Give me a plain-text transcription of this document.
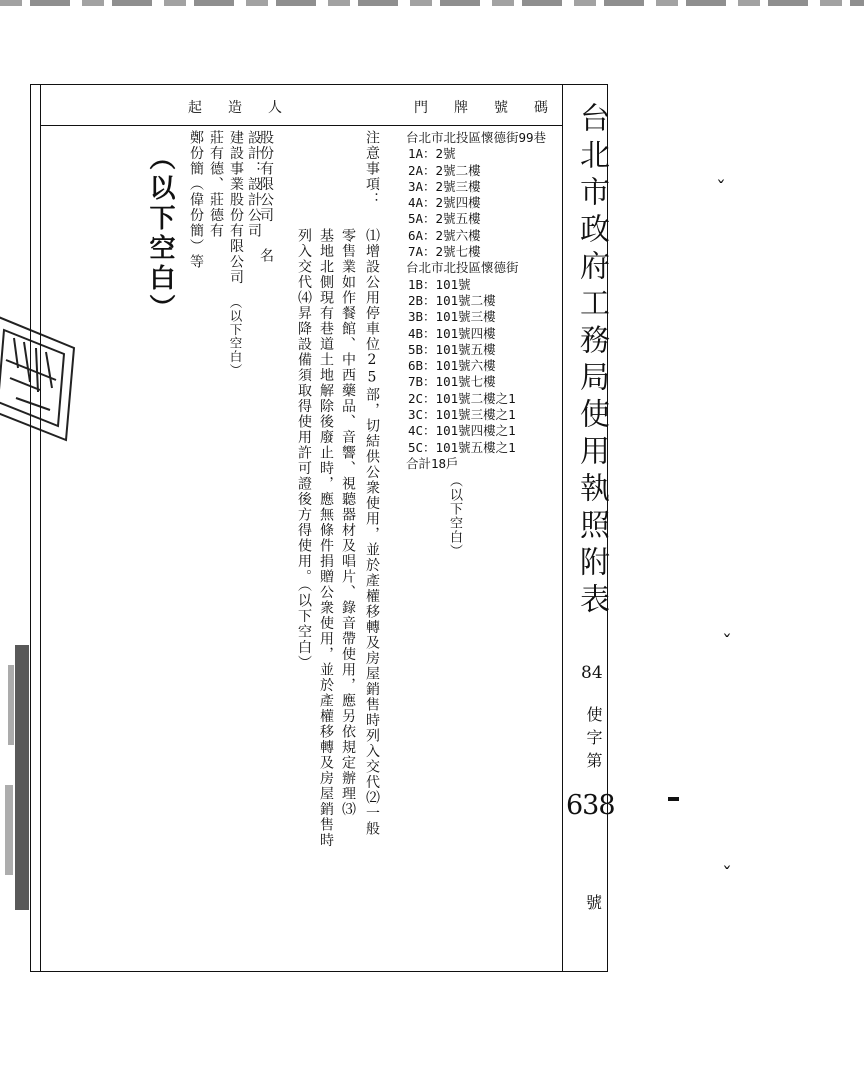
ˇ
ˇ
ˇ
起造人	門牌號碼 台北市政府工務局使用執照附表
84
使字第
638
號
台北市北投區懷德街99巷
1A：2號
2A：2號二樓
3A：2號三樓
4A：2號四樓
5A：2號五樓
6A：2號六樓
7A：2號七樓
台北市北投區懷德街
1B：101號
2B：101號二樓
3B：101號三樓
4B：101號四樓
5B：101號五樓
6B：101號六樓
7B：101號七樓
2C：101號二樓之1
3C：101號三樓之1
4C：101號四樓之1
5C：101號五樓之1
合計18戶
（以下空白）
注意事項：
⑴增設公用停車位25部，切結供公衆使用，並於產權移轉及房屋銷售時列入交代⑵一般
零售業如作餐館、中西藥品、音響、視聽器材及唱片、錄音帶使用，應另依規定辦理⑶
基地北側現有巷道土地解除後廢止時，應無條件捐贈公衆使用，並於產權移轉及房屋銷售時
列入交代⑷昇降設備須取得使用許可證後方得使用。（以下空白）
股份有限公司
名
設計：設計公司
建設事業股份有限公司
（以下空白）
莊有德、莊德有
鄭份簡（偉份簡）等
（以下空白）
